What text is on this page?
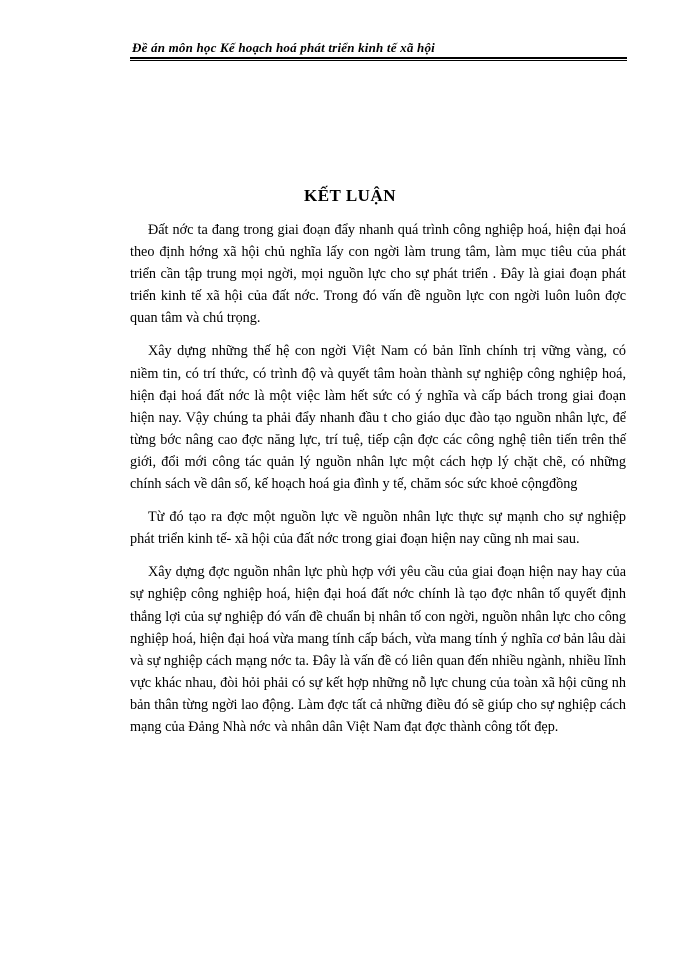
Đề án môn học Kế hoạch hoá phát triển kinh tế xã hội
KẾT LUẬN

Đất nớc ta đang trong giai đoạn đẩy nhanh quá trình công nghiệp hoá, hiện đại hoá theo định hớng xã hội chủ nghĩa lấy con ngời làm trung tâm, làm mục tiêu của phát triển cần tập trung mọi ngời, mọi nguồn lực cho sự phát triển . Đây là giai đoạn phát triển kinh tế xã hội của đất nớc. Trong đó vấn đề nguồn lực con ngời luôn luôn đợc quan tâm và chú trọng.

Xây dựng những thế hệ con ngời Việt Nam có bản lĩnh chính trị vững vàng, có niềm tin, có trí thức, có trình độ và quyết tâm hoàn thành sự nghiệp công nghiệp hoá, hiện đại hoá đất nớc là một việc làm hết sức có ý nghĩa và cấp bách trong giai đoạn hiện nay. Vậy chúng ta phải đẩy nhanh đầu t cho giáo dục đào tạo nguồn nhân lực, để từng bớc nâng cao đợc năng lực, trí tuệ, tiếp cận đợc các công nghệ tiên tiến trên thế giới, đổi mới công tác quản lý nguồn nhân lực một cách hợp lý chặt chẽ, có những chính sách về dân số, kế hoạch hoá gia đình y tế, chăm sóc sức khoẻ cộngđồng

Từ đó tạo ra đợc một nguồn lực về nguồn nhân lực thực sự mạnh cho sự nghiệp phát triển kinh tế- xã hội của đất nớc trong giai đoạn hiện nay cũng nh mai sau.

Xây dựng đợc nguồn nhân lực phù hợp với yêu cầu của giai đoạn hiện nay hay của sự nghiệp công nghiệp hoá, hiện đại hoá đất nớc chính là tạo đợc nhân tố quyết định thắng lợi của sự nghiệp đó vấn đề chuẩn bị nhân tố con ngời, nguồn nhân lực cho công nghiệp hoá, hiện đại hoá vừa mang tính cấp bách, vừa mang tính ý nghĩa cơ bản lâu dài và sự nghiệp cách mạng nớc ta. Đây là vấn đề có liên quan đến nhiều ngành, nhiều lĩnh vực khác nhau, đòi hỏi phải có sự kết hợp những nỗ lực chung của toàn xã hội cũng nh bản thân từng ngời lao động. Làm đợc tất cả những điều đó sẽ giúp cho sự nghiệp cách mạng của Đảng Nhà nớc và nhân dân Việt Nam đạt đợc thành công tốt đẹp.
